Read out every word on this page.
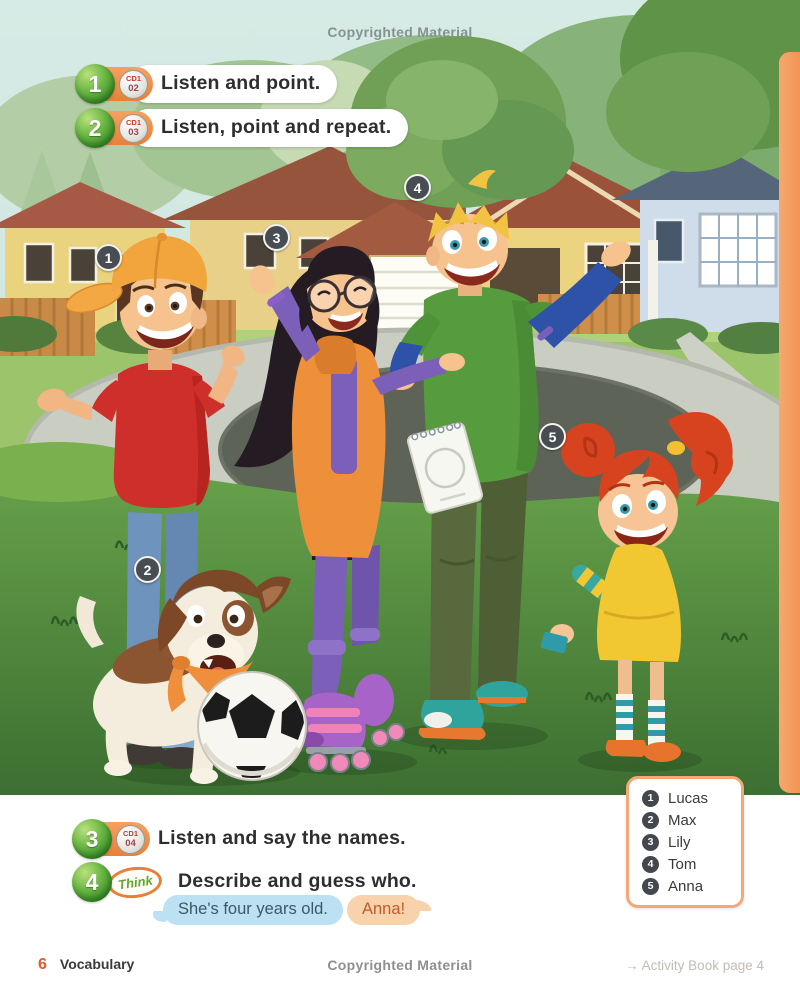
Copyrighted Material
1
2
3
4
5
1	CD1
02	Listen and point.
2	CD1
03	Listen, point and repeat.
3	CD1
04	Listen and say the names.
4 Think	Describe and guess who.
She's four years old.	Anna!
1 Lucas
2 Max
3 Lily
4 Tom
5 Anna
6 Vocabulary	Copyrighted Material	→ Activity Book page 4
